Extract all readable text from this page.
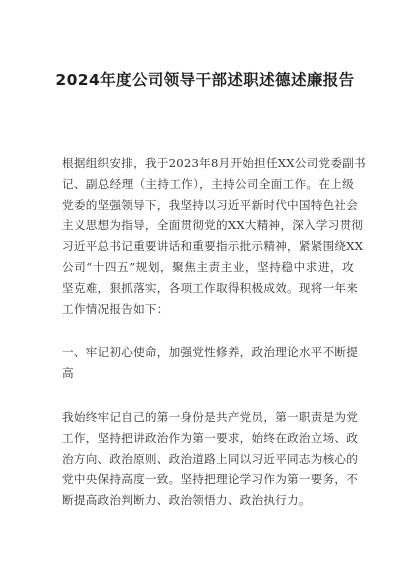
2024年度公司领导干部述职述德述廉报告
根据组织安排，我于2023年8月开始担任XX公司党委副书
记、副总经理（主持工作），主持公司全面工作。在上级
党委的坚强领导下，我坚持以习近平新时代中国特色社会
主义思想为指导，全面贯彻党的XX大精神，深入学习贯彻
习近平总书记重要讲话和重要指示批示精神，紧紧围绕XX
公司“十四五”规划，聚焦主责主业，坚持稳中求进，攻
坚克难，狠抓落实，各项工作取得积极成效。现将一年来
工作情况报告如下：
一、牢记初心使命，加强党性修养，政治理论水平不断提
高
我始终牢记自己的第一身份是共产党员，第一职责是为党
工作，坚持把讲政治作为第一要求，始终在政治立场、政
治方向、政治原则、政治道路上同以习近平同志为核心的
党中央保持高度一致。坚持把理论学习作为第一要务，不
断提高政治判断力、政治领悟力、政治执行力。
